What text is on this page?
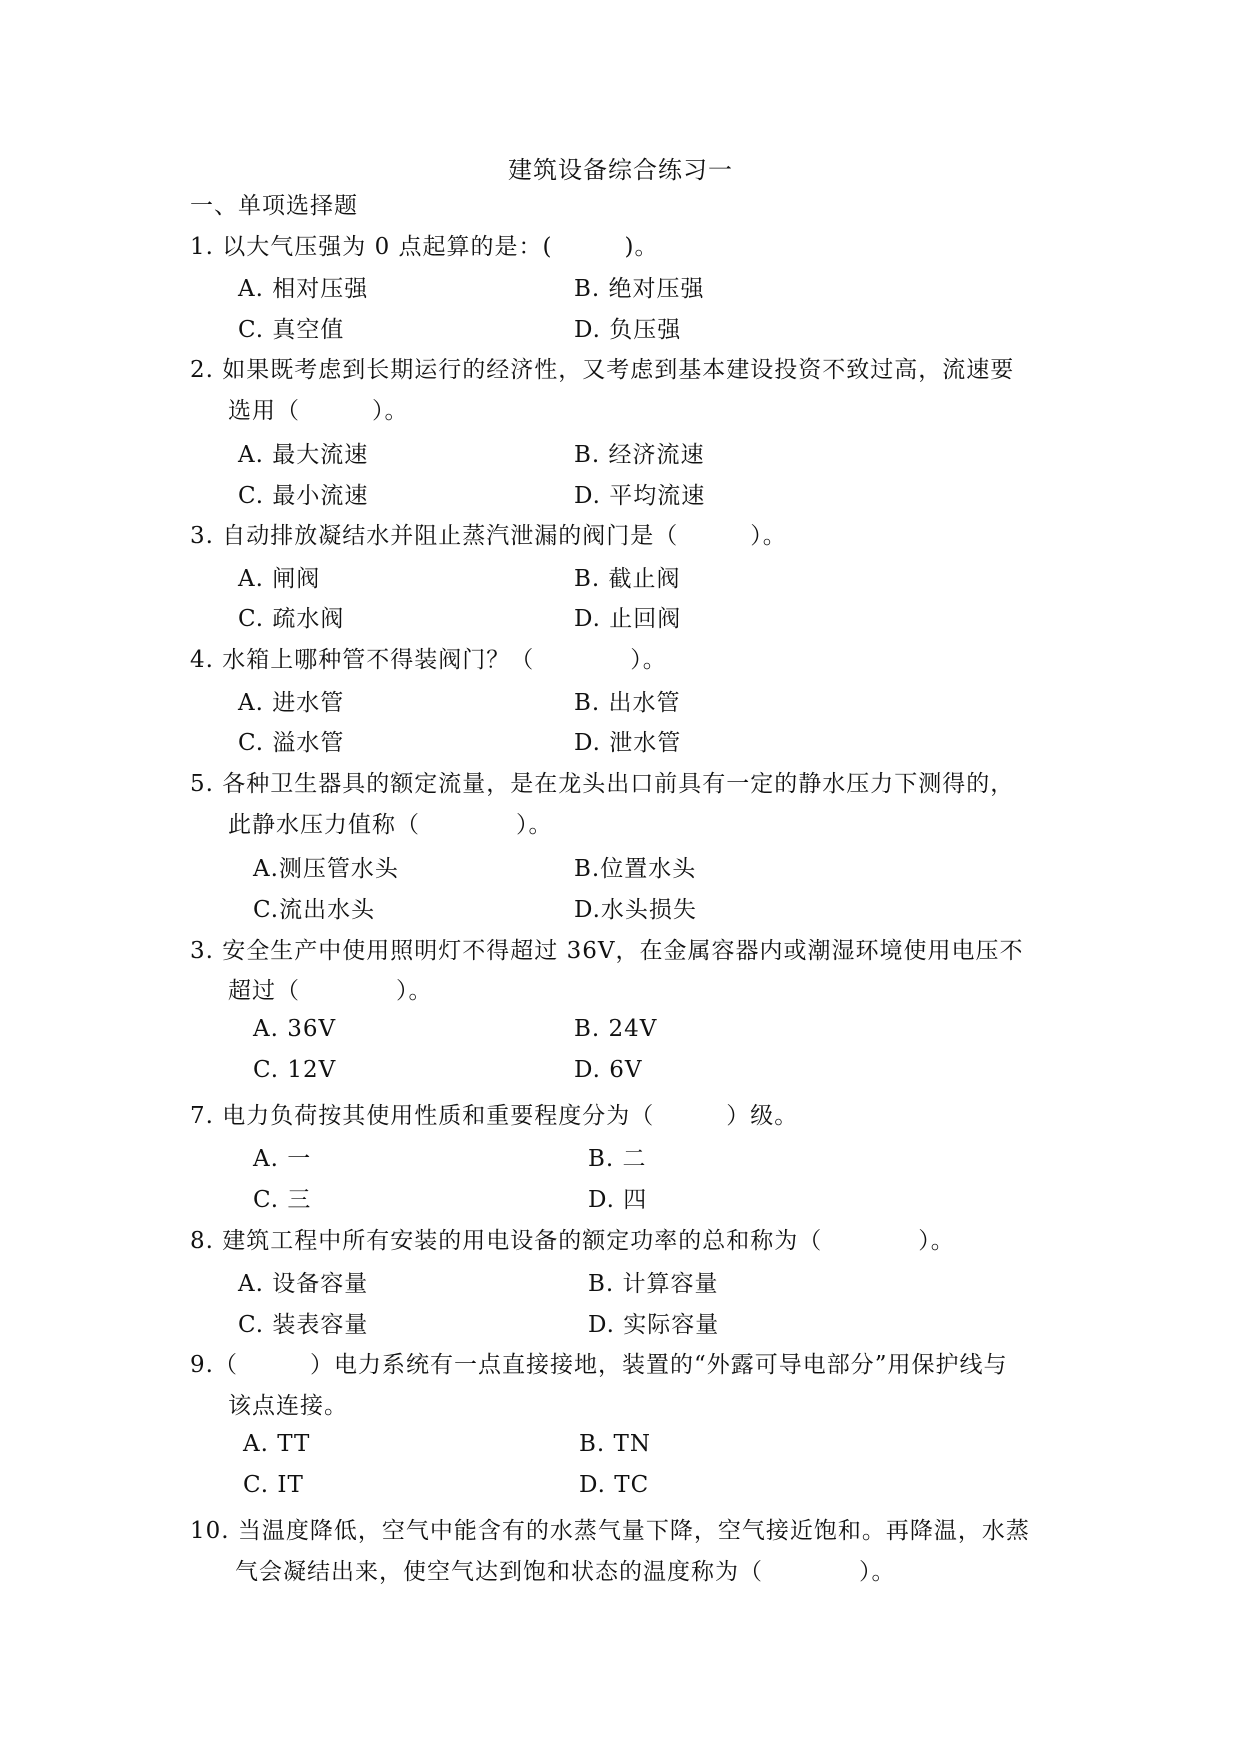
建筑设备综合练习一
一、单项选择题
1. 以大气压强为 0 点起算的是：(　　　)。
A. 相对压强	B. 绝对压强
C. 真空值	D. 负压强
2. 如果既考虑到长期运行的经济性，又考虑到基本建设投资不致过高，流速要
选用（　　　）。
A. 最大流速	B. 经济流速
C. 最小流速	D. 平均流速
3. 自动排放凝结水并阻止蒸汽泄漏的阀门是（　　　）。
A. 闸阀	B. 截止阀
C. 疏水阀	D. 止回阀
4. 水箱上哪种管不得装阀门？（　　　　）。
A. 进水管	B. 出水管
C. 溢水管	D. 泄水管
5. 各种卫生器具的额定流量，是在龙头出口前具有一定的静水压力下测得的，
此静水压力值称（　　　　）。
A.测压管水头	B.位置水头
C.流出水头	D.水头损失
3. 安全生产中使用照明灯不得超过 36V，在金属容器内或潮湿环境使用电压不
超过（　　　　）。
A. 36V	B. 24V
C. 12V	D. 6V
7. 电力负荷按其使用性质和重要程度分为（　　　）级。
A. 一	B. 二
C. 三	D. 四
8. 建筑工程中所有安装的用电设备的额定功率的总和称为（　　　　）。
A. 设备容量	B. 计算容量
C. 装表容量	D. 实际容量
9.（　　　）电力系统有一点直接接地，装置的“外露可导电部分”用保护线与
该点连接。
A. TT	B. TN
C. IT	D. TC
10. 当温度降低，空气中能含有的水蒸气量下降，空气接近饱和。再降温，水蒸
气会凝结出来，使空气达到饱和状态的温度称为（　　　　）。
